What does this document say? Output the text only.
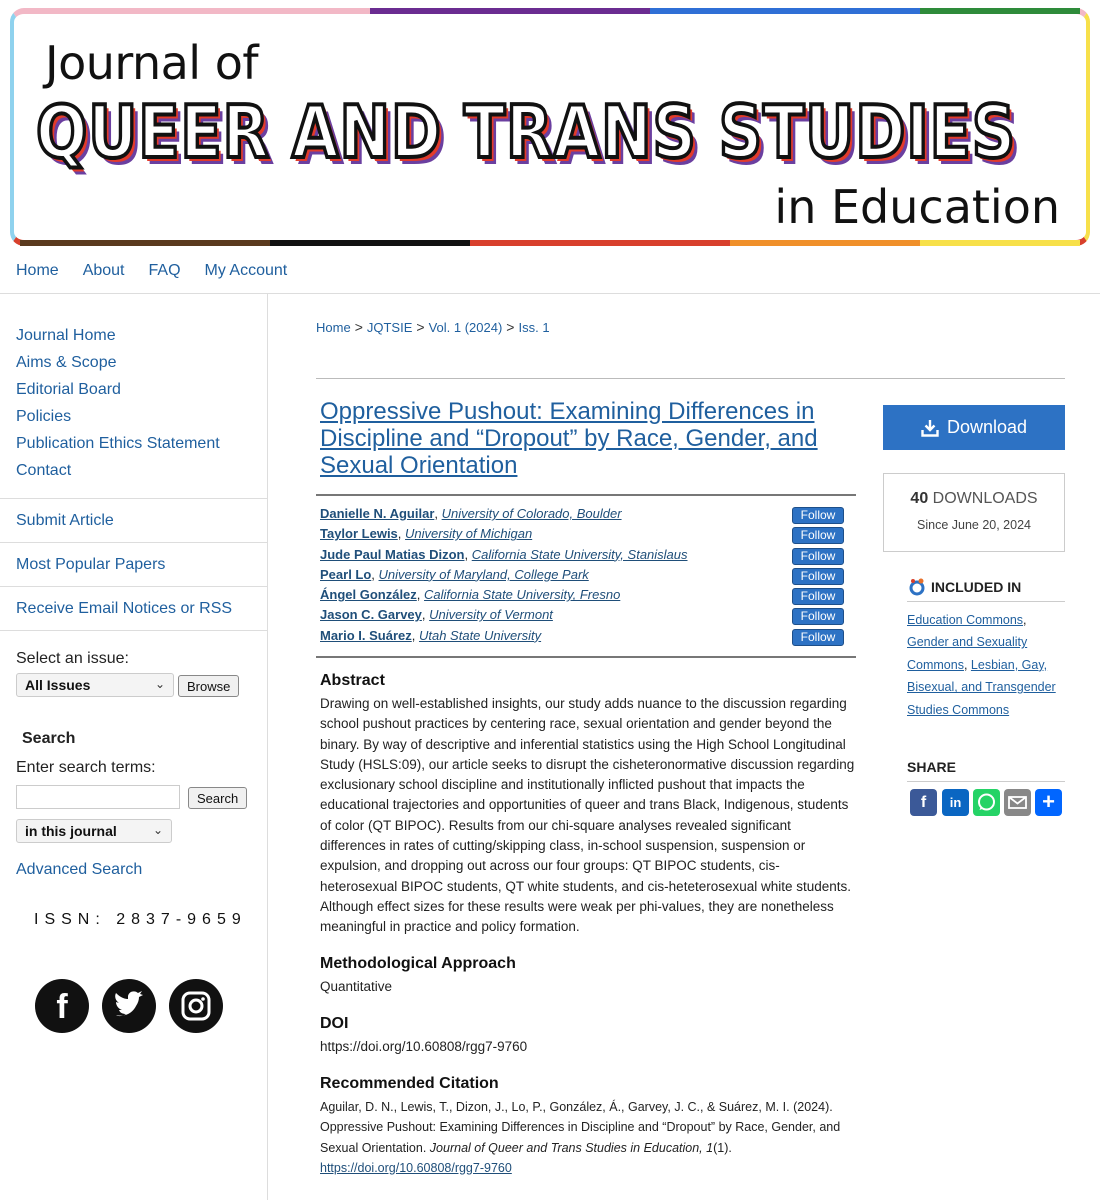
Journal of
QUEER AND TRANS STUDIES
in Education
Home About FAQ My Account
Journal Home
Aims & Scope
Editorial Board
Policies
Publication Ethics Statement
Contact
Submit Article
Most Popular Papers
Receive Email Notices or RSS
Select an issue:
All Issues	⌄	Browse
Search
Enter search terms:
Search
in this journal	⌄
Advanced Search
ISSN: 2837-9659
f
Home > JQTSIE > Vol. 1 (2024) > Iss. 1
Oppressive Pushout: Examining Differences in Discipline and “Dropout” by Race, Gender, and Sexual Orientation
Danielle N. Aguilar, University of Colorado, Boulder	Follow
Taylor Lewis, University of Michigan	Follow
Jude Paul Matias Dizon, California State University, Stanislaus	Follow
Pearl Lo, University of Maryland, College Park	Follow
Ángel González, California State University, Fresno	Follow
Jason C. Garvey, University of Vermont	Follow
Mario I. Suárez, Utah State University	Follow
Abstract
Drawing on well-established insights, our study adds nuance to the discussion regarding school pushout practices by centering race, sexual orientation and gender beyond the binary. By way of descriptive and inferential statistics using the High School Longitudinal Study (HSLS:09), our article seeks to disrupt the cisheteronormative discussion regarding exclusionary school discipline and institutionally inflicted pushout that impacts the educational trajectories and opportunities of queer and trans Black, Indigenous, students of color (QT BIPOC). Results from our chi-square analyses revealed significant differences in rates of cutting/skipping class, in-school suspension, suspension or expulsion, and dropping out across our four groups: QT BIPOC students, cis-heterosexual BIPOC students, QT white students, and cis-heteterosexual white students. Although effect sizes for these results were weak per phi-values, they are nonetheless meaningful in practice and policy formation.
Methodological Approach
Quantitative
DOI
https://doi.org/10.60808/rgg7-9760
Recommended Citation
Aguilar, D. N., Lewis, T., Dizon, J., Lo, P., González, Á., Garvey, J. C., & Suárez, M. I. (2024). Oppressive Pushout: Examining Differences in Discipline and “Dropout” by Race, Gender, and Sexual Orientation. Journal of Queer and Trans Studies in Education, 1(1).
https://doi.org/10.60808/rgg7-9760
Download
40 DOWNLOADS
Since June 20, 2024
INCLUDED IN
Education Commons, Gender and Sexuality Commons, Lesbian, Gay, Bisexual, and Transgender Studies Commons
SHARE
f	in	+
